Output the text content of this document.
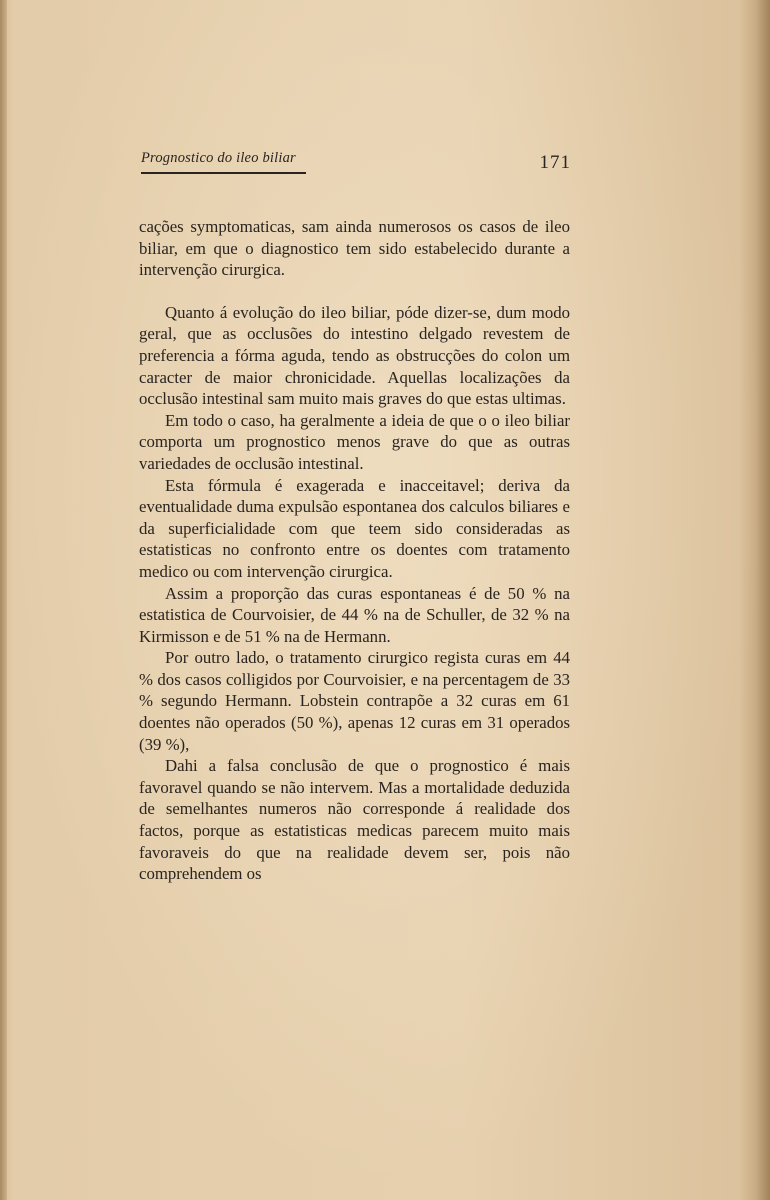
Prognostico do ileo biliar	171

cações symptomaticas, sam ainda numerosos os casos de ileo biliar, em que o diagnostico tem sido estabelecido durante a intervenção cirurgica.

Quanto á evolução do ileo biliar, póde dizer-se, dum modo geral, que as occlusões do intestino delgado revestem de preferencia a fórma aguda, tendo as obstrucções do colon um caracter de maior chronicidade. Aquellas localizações da occlusão intestinal sam muito mais graves do que estas ultimas.

Em todo o caso, ha geralmente a ideia de que o o ileo biliar comporta um prognostico menos grave do que as outras variedades de occlusão intestinal.

Esta fórmula é exagerada e inacceitavel; deriva da eventualidade duma expulsão espontanea dos calculos biliares e da superficialidade com que teem sido consideradas as estatisticas no confronto entre os doentes com tratamento medico ou com intervenção cirurgica.

Assim a proporção das curas espontaneas é de 50 % na estatistica de Courvoisier, de 44 % na de Schuller, de 32 % na Kirmisson e de 51 % na de Hermann.

Por outro lado, o tratamento cirurgico regista curas em 44 % dos casos colligidos por Courvoisier, e na percentagem de 33 % segundo Hermann. Lobstein contrapõe a 32 curas em 61 doentes não operados (50 %), apenas 12 curas em 31 operados (39 %),

Dahi a falsa conclusão de que o prognostico é mais favoravel quando se não intervem. Mas a mortalidade deduzida de semelhantes numeros não corresponde á realidade dos factos, porque as estatisticas medicas parecem muito mais favoraveis do que na realidade devem ser, pois não comprehendem os
